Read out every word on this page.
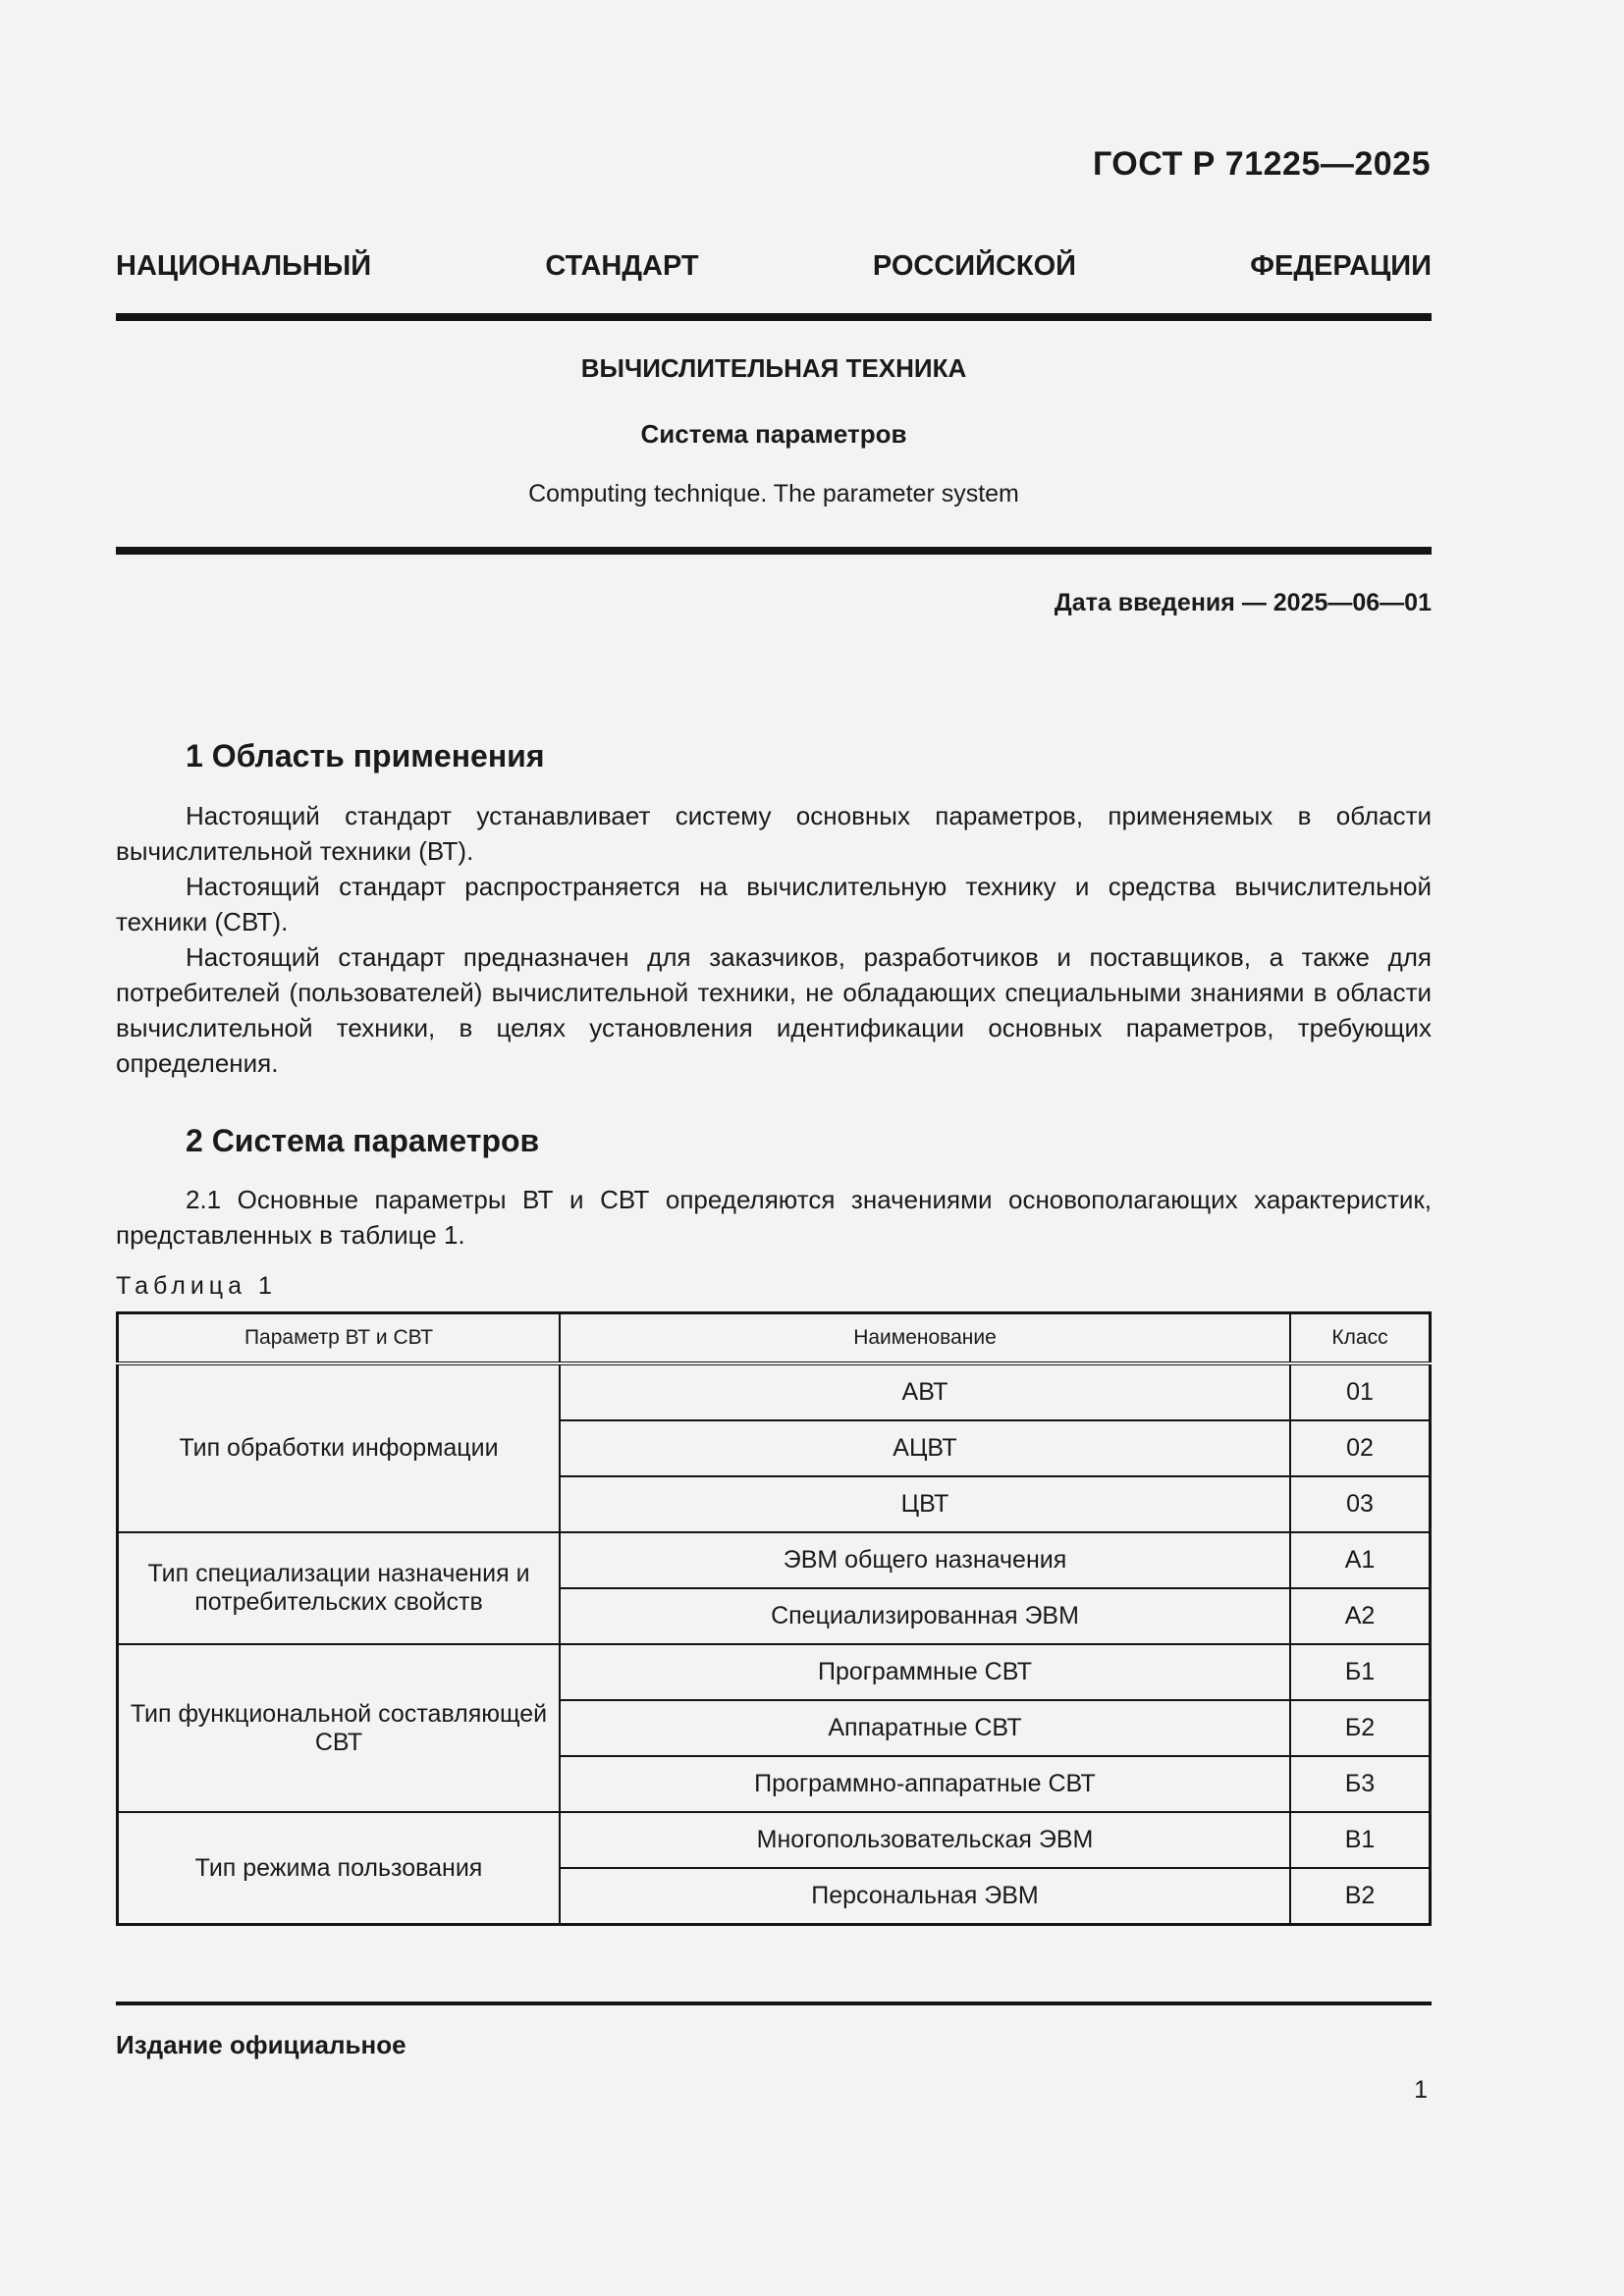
ГОСТ Р 71225—2025
НАЦИОНАЛЬНЫЙ СТАНДАРТ РОССИЙСКОЙ ФЕДЕРАЦИИ
ВЫЧИСЛИТЕЛЬНАЯ ТЕХНИКА
Система параметров
Computing technique. The parameter system
Дата введения — 2025—06—01
1 Область применения

Настоящий стандарт устанавливает систему основных параметров, применяемых в области вычислительной техники (ВТ).

Настоящий стандарт распространяется на вычислительную технику и средства вычислительной техники (СВТ).

Настоящий стандарт предназначен для заказчиков, разработчиков и поставщиков, а также для потребителей (пользователей) вычислительной техники, не обладающих специальными знаниями в области вычислительной техники, в целях установления идентификации основных параметров, требующих определения.

2 Система параметров

2.1 Основные параметры ВТ и СВТ определяются значениями основополагающих характеристик, представленных в таблице 1.

Таблица 1
Параметр ВТ и СВТ	Наименование	Класс
Тип обработки информации	АВТ	01
	АЦВТ	02
	ЦВТ	03
Тип специализации назначения и потребительских свойств	ЭВМ общего назначения	А1
	Специализированная ЭВМ	А2
Тип функциональной составляющей СВТ	Программные СВТ	Б1
	Аппаратные СВТ	Б2
	Программно-аппаратные СВТ	Б3
Тип режима пользования	Многопользовательская ЭВМ	В1
	Персональная ЭВМ	В2
Издание официальное
1
